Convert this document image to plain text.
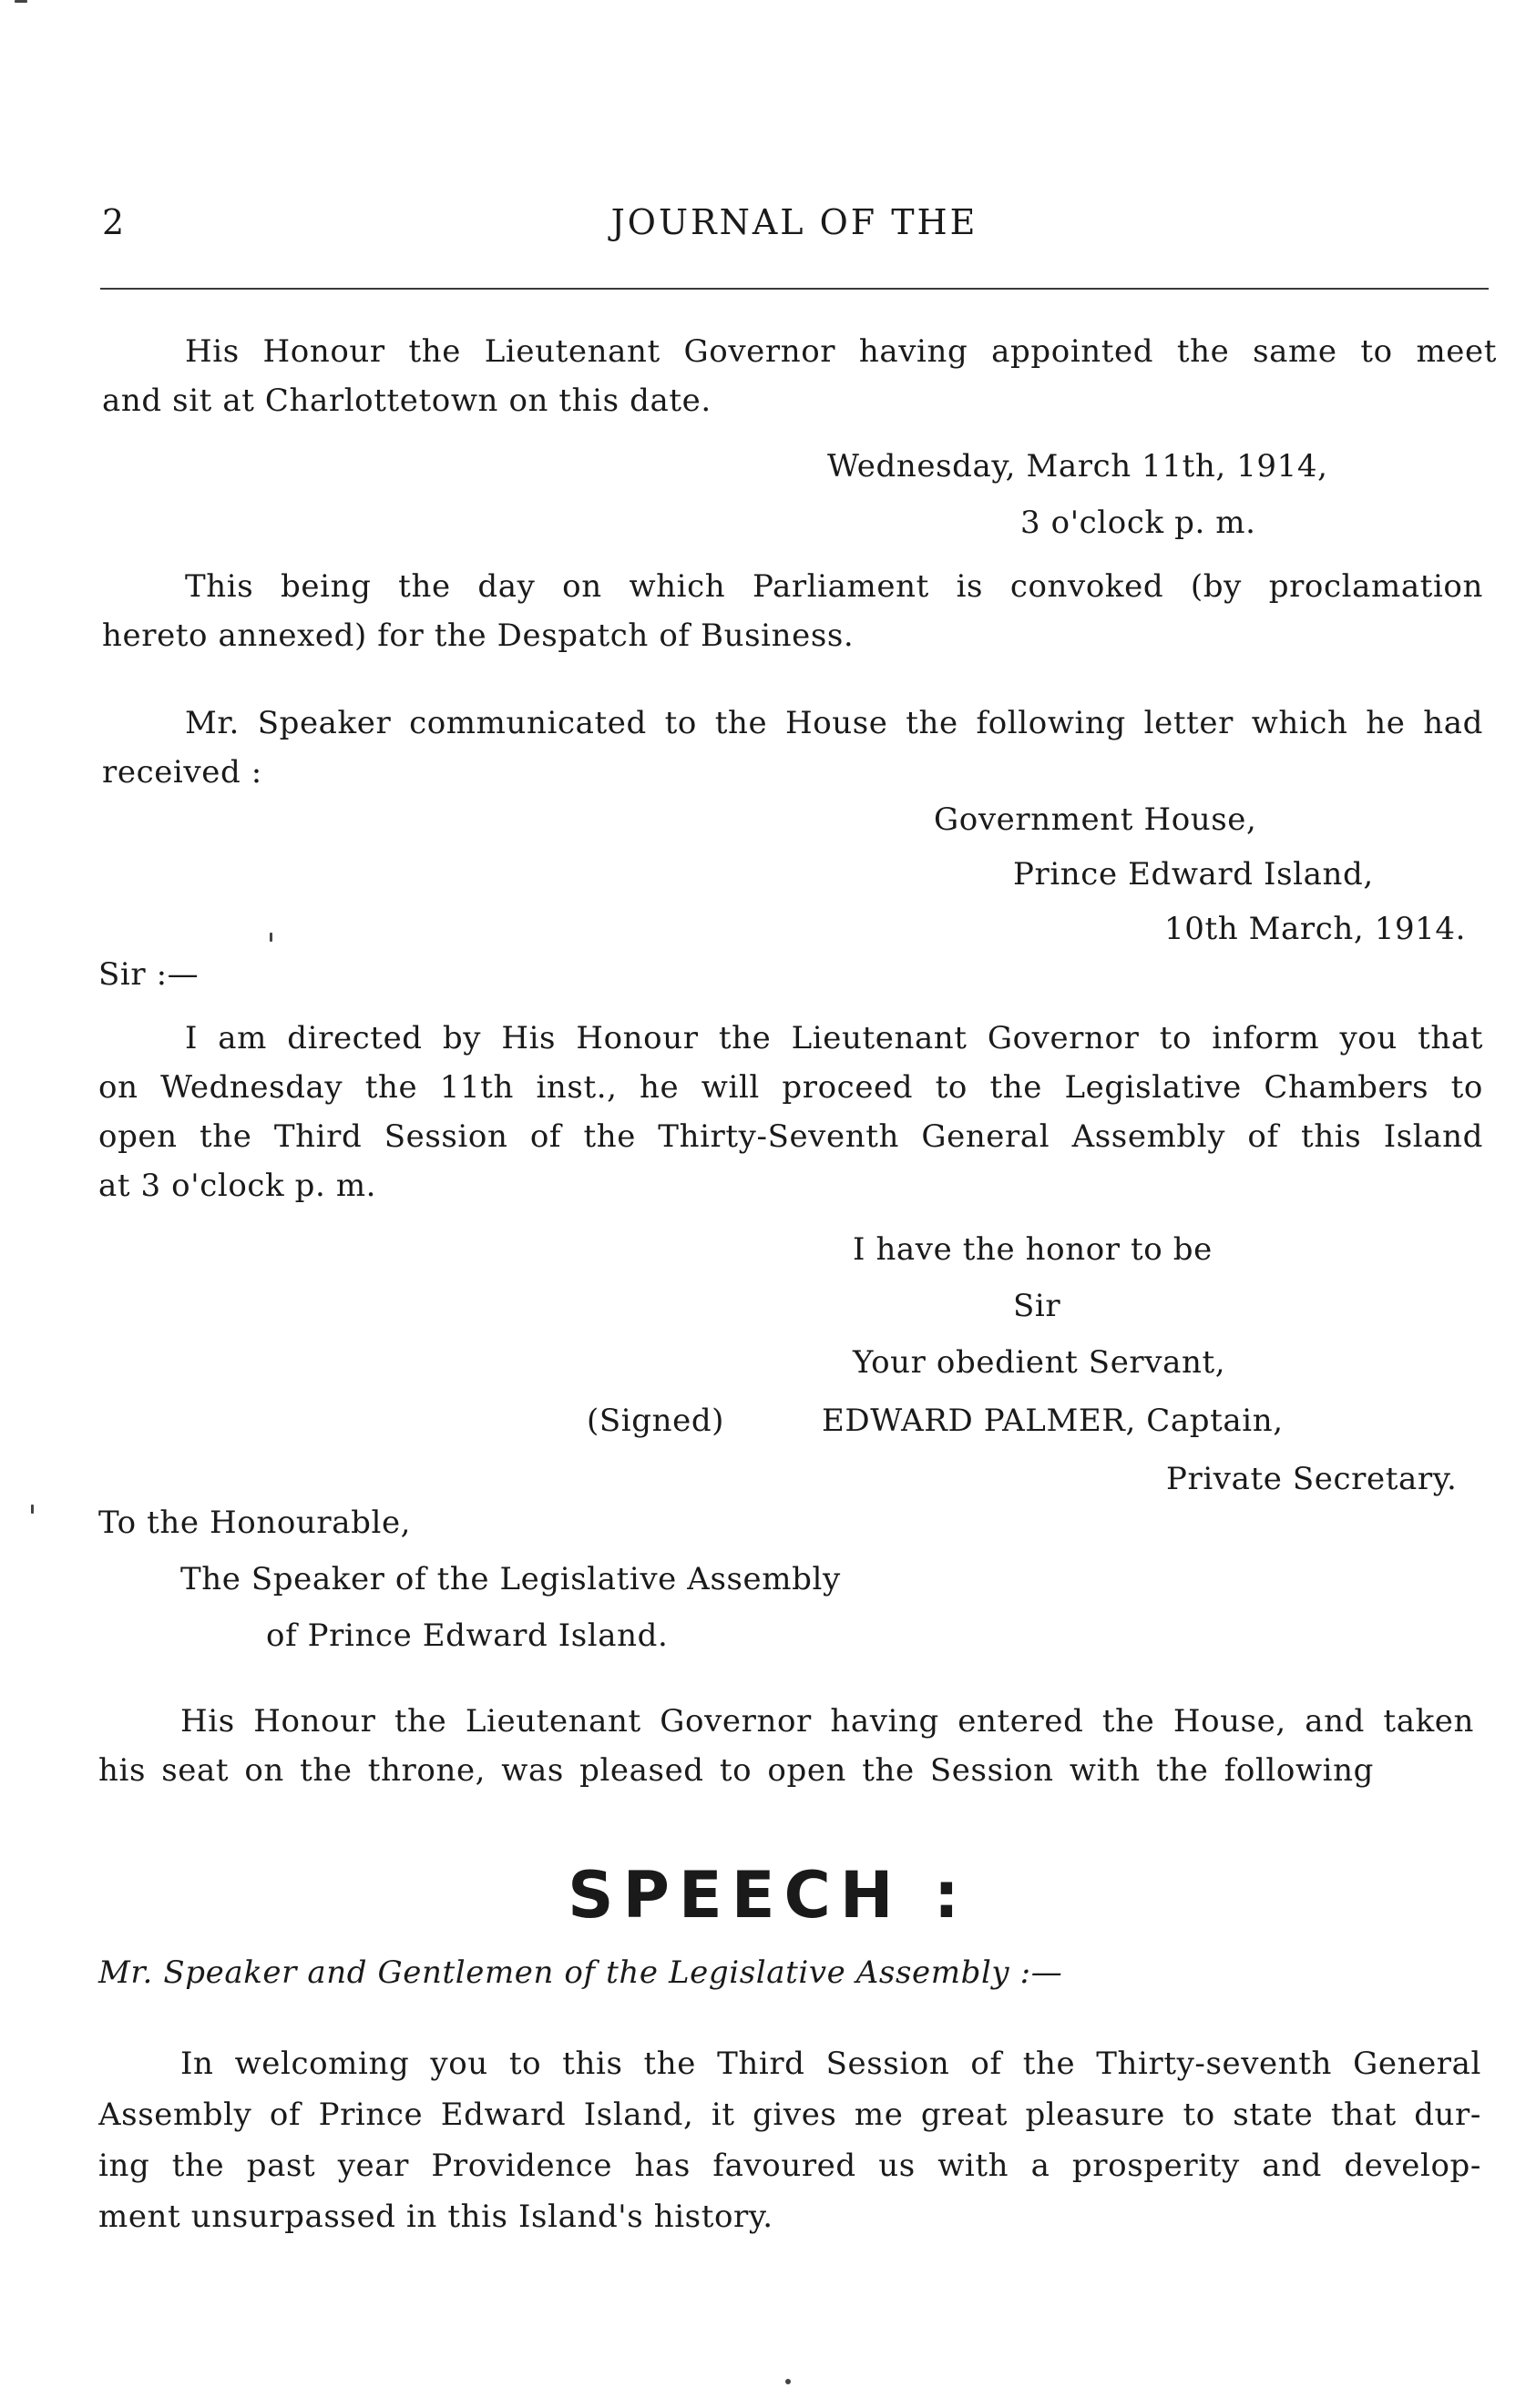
2	JOURNAL OF THE
His Honour the Lieutenant Governor having appointed the same to meet
and sit at Charlottetown on this date.
Wednesday, March 11th, 1914,
3 o'clock p. m.
This being the day on which Parliament is convoked (by proclamation
hereto annexed) for the Despatch of Business.
Mr. Speaker communicated to the House the following letter which he had
received :
Government House,
Prince Edward Island,
10th March, 1914.
Sir :—
I am directed by His Honour the Lieutenant Governor to inform you that
on Wednesday the 11th inst., he will proceed to the Legislative Chambers to
open the Third Session of the Thirty-Seventh General Assembly of this Island
at 3 o'clock p. m.
I have the honor to be
Sir
Your obedient Servant,
(Signed)	EDWARD PALMER, Captain,
Private Secretary.
To the Honourable,
The Speaker of the Legislative Assembly
of Prince Edward Island.
His Honour the Lieutenant Governor having entered the House, and taken
his seat on the throne, was pleased to open the Session with the following
SPEECH :
Mr. Speaker and Gentlemen of the Legislative Assembly :—
In welcoming you to this the Third Session of the Thirty-seventh General
Assembly of Prince Edward Island, it gives me great pleasure to state that dur-
ing the past year Providence has favoured us with a prosperity and develop-
ment unsurpassed in this Island's history.
